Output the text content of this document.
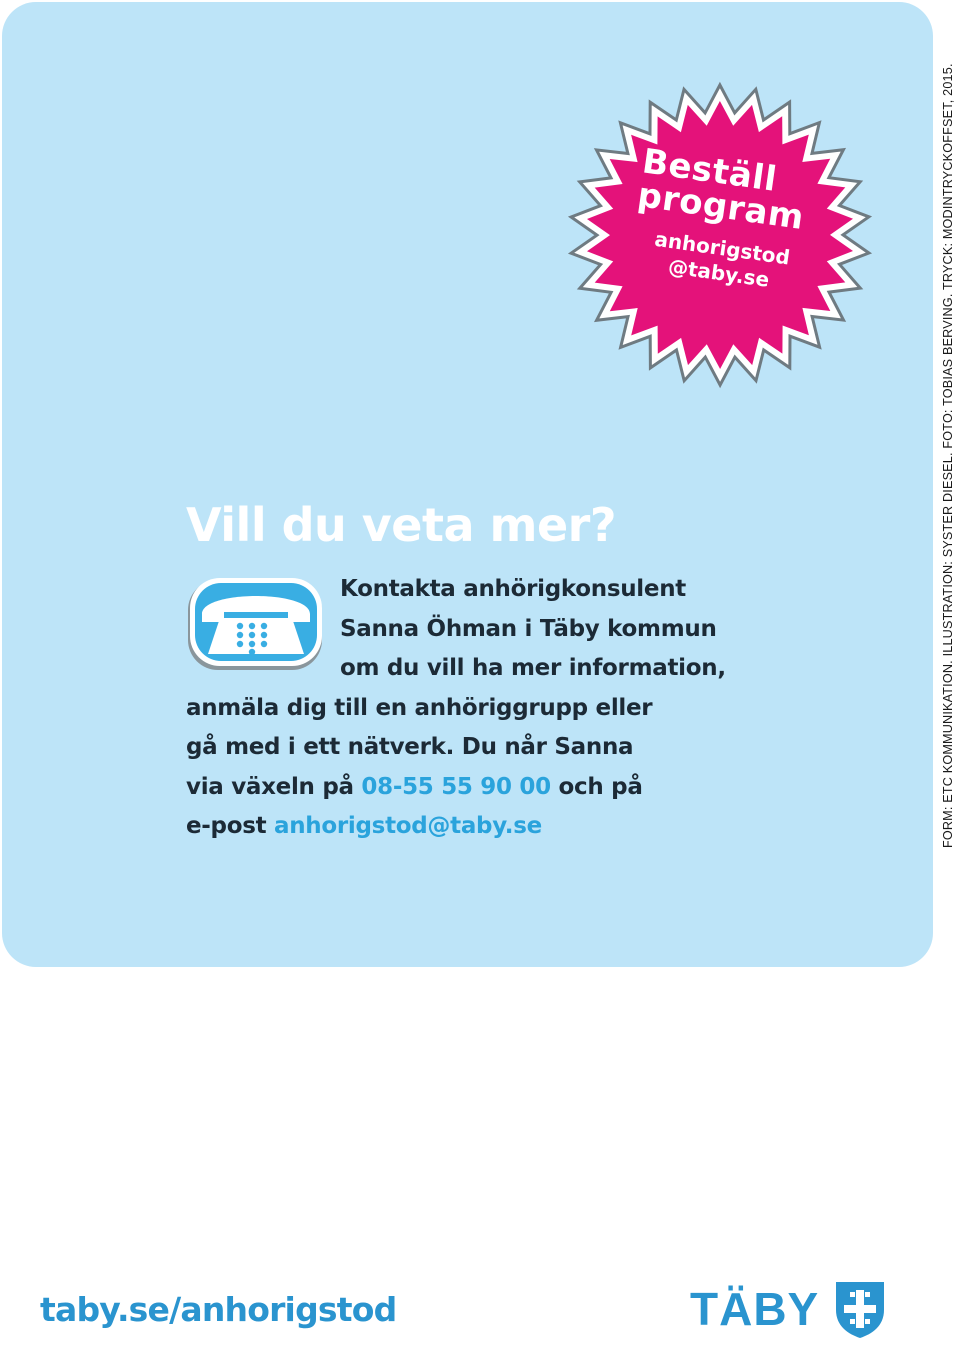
FORM: ETC KOMMUNIKATION. ILLUSTRATION: SYSTER DIESEL. FOTO: TOBIAS BERVING. TRYCK: MODINTRYCKOFFSET, 2015.
Beställ
program
anhorigstod
@taby.se
Vill du veta mer?
Kontakta anhörigkonsulent
Sanna Öhman i Täby kommun
om du vill ha mer information,
anmäla dig till en anhöriggrupp eller
gå med i ett nätverk. Du når Sanna
via växeln på 08-55 55 90 00 och på
e-post anhorigstod@taby.se
taby.se/anhorigstod	TÄBY
